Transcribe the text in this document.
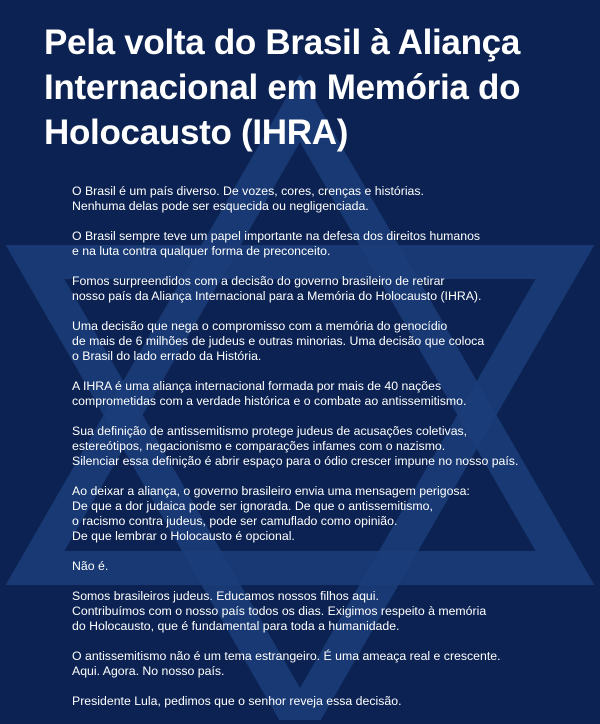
Pela volta do Brasil à Aliança Internacional em Memória do Holocausto (IHRA)

O Brasil é um país diverso. De vozes, cores, crenças e histórias.
Nenhuma delas pode ser esquecida ou negligenciada.

O Brasil sempre teve um papel importante na defesa dos direitos humanos
e na luta contra qualquer forma de preconceito.

Fomos surpreendidos com a decisão do governo brasileiro de retirar
nosso país da Aliança Internacional para a Memória do Holocausto (IHRA).

Uma decisão que nega o compromisso com a memória do genocídio
de mais de 6 milhões de judeus e outras minorias. Uma decisão que coloca
o Brasil do lado errado da História.

A IHRA é uma aliança internacional formada por mais de 40 nações
comprometidas com a verdade histórica e o combate ao antissemitismo.

Sua definição de antissemitismo protege judeus de acusações coletivas,
estereótipos, negacionismo e comparações infames com o nazismo.
Silenciar essa definição é abrir espaço para o ódio crescer impune no nosso país.

Ao deixar a aliança, o governo brasileiro envia uma mensagem perigosa:
De que a dor judaica pode ser ignorada. De que o antissemitismo,
o racismo contra judeus, pode ser camuflado como opinião.
De que lembrar o Holocausto é opcional.

Não é.

Somos brasileiros judeus. Educamos nossos filhos aqui.
Contribuímos com o nosso país todos os dias. Exigimos respeito à memória
do Holocausto, que é fundamental para toda a humanidade.

O antissemitismo não é um tema estrangeiro. É uma ameaça real e crescente.
Aqui. Agora. No nosso país.

Presidente Lula, pedimos que o senhor reveja essa decisão.
